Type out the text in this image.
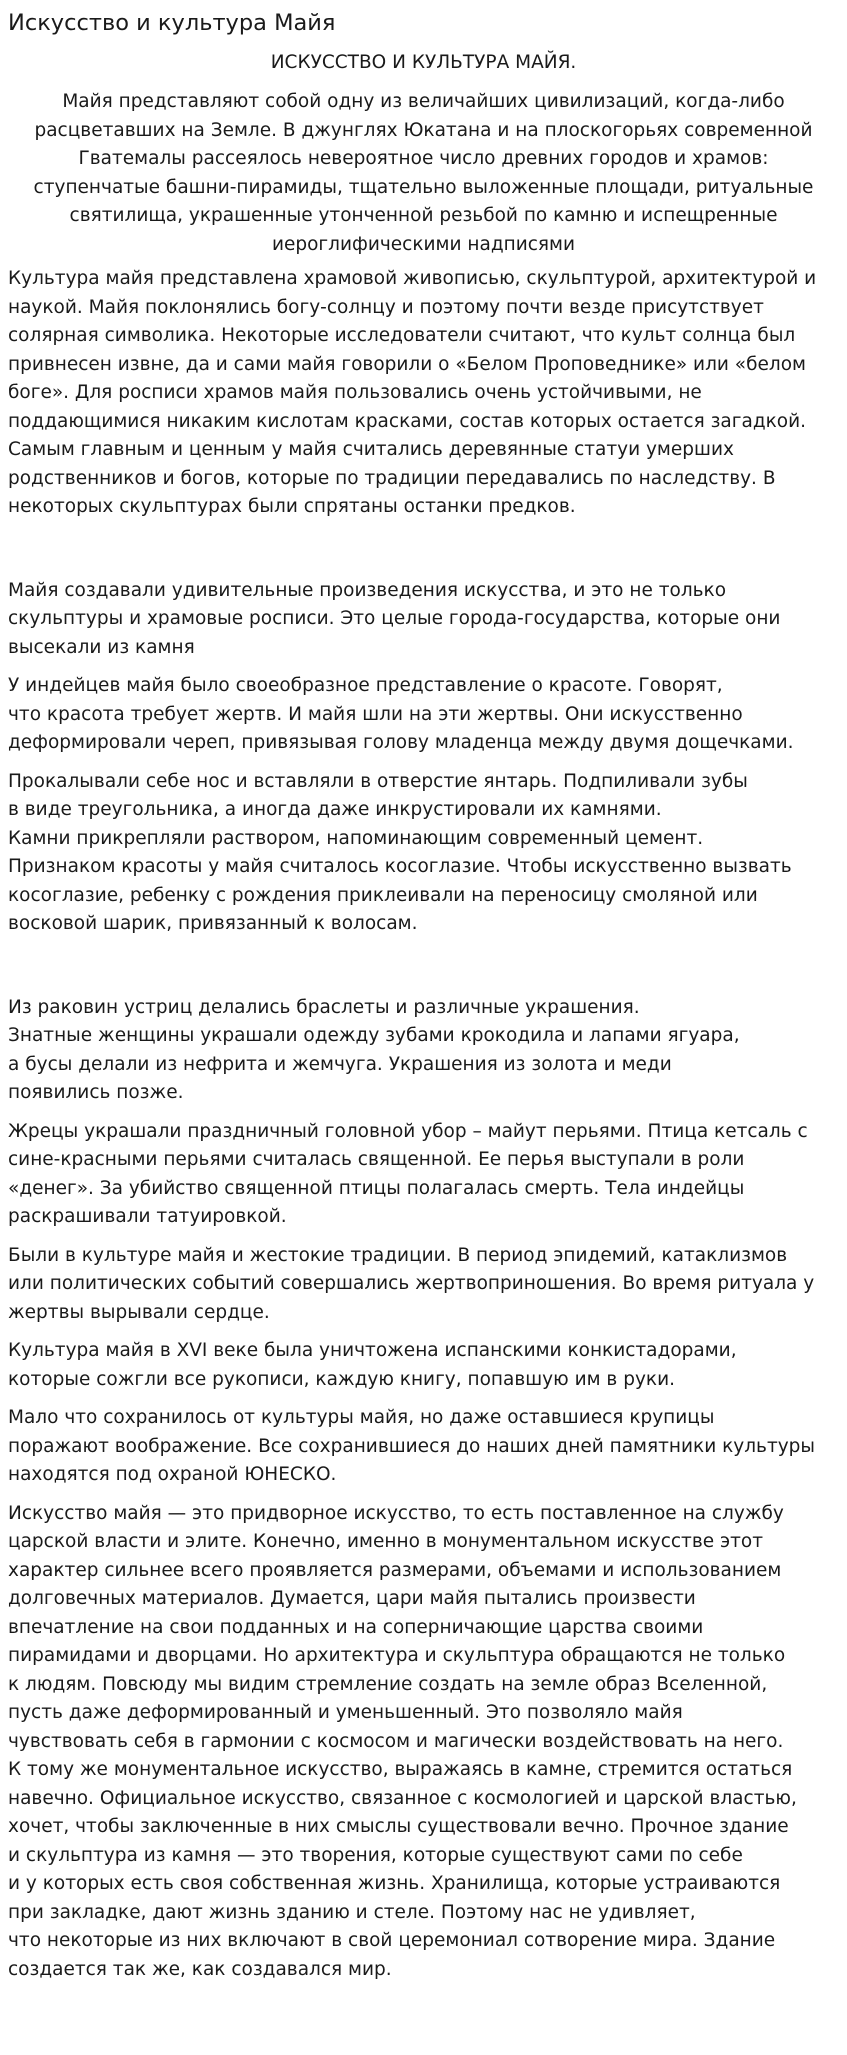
Искусство и культура Майя
ИСКУССТВО И КУЛЬТУРА МАЙЯ.
Майя представляют собой одну из величайших цивилизаций, когда-либо
расцветавших на Земле. В джунглях Юкатана и на плоскогорьях современной
Гватемалы рассеялось невероятное число древних городов и храмов:
ступенчатые башни-пирамиды, тщательно выложенные площади, ритуальные
святилища, украшенные утонченной резьбой по камню и испещренные
иероглифическими надписями
Культура майя представлена храмовой живописью, скульптурой, архитектурой и
наукой. Майя поклонялись богу-солнцу и поэтому почти везде присутствует
солярная символика. Некоторые исследователи считают, что культ солнца был
привнесен извне, да и сами майя говорили о «Белом Проповеднике» или «белом
боге». Для росписи храмов майя пользовались очень устойчивыми, не
поддающимися никаким кислотам красками, состав которых остается загадкой.
Самым главным и ценным у майя считались деревянные статуи умерших
родственников и богов, которые по традиции передавались по наследству. В
некоторых скульптурах были спрятаны останки предков.
Майя создавали удивительные произведения искусства, и это не только
скульптуры и храмовые росписи. Это целые города-государства, которые они
высекали из камня
У индейцев майя было своеобразное представление о красоте. Говорят,
что красота требует жертв. И майя шли на эти жертвы. Они искусственно
деформировали череп, привязывая голову младенца между двумя дощечками.
Прокалывали себе нос и вставляли в отверстие янтарь. Подпиливали зубы
в виде треугольника, а иногда даже инкрустировали их камнями.
Камни прикрепляли раствором, напоминающим современный цемент.
Признаком красоты у майя считалось косоглазие. Чтобы искусственно вызвать
косоглазие, ребенку с рождения приклеивали на переносицу смоляной или
восковой шарик, привязанный к волосам.
Из раковин устриц делались браслеты и различные украшения.
Знатные женщины украшали одежду зубами крокодила и лапами ягуара,
а бусы делали из нефрита и жемчуга. Украшения из золота и меди
появились позже.
Жрецы украшали праздничный головной убор – майут перьями. Птица кетсаль с
сине-красными перьями считалась священной. Ее перья выступали в роли
«денег». За убийство священной птицы полагалась смерть. Тела индейцы
раскрашивали татуировкой.
Были в культуре майя и жестокие традиции. В период эпидемий, катаклизмов
или политических событий совершались жертвоприношения. Во время ритуала у
жертвы вырывали сердце.
Культура майя в XVI веке была уничтожена испанскими конкистадорами,
которые сожгли все рукописи, каждую книгу, попавшую им в руки.
Мало что сохранилось от культуры майя, но даже оставшиеся крупицы
поражают воображение. Все сохранившиеся до наших дней памятники культуры
находятся под охраной ЮНЕСКО.
Искусство майя — это придворное искусство, то есть поставленное на службу
царской власти и элите. Конечно, именно в монументальном искусстве этот
характер сильнее всего проявляется размерами, объемами и использованием
долговечных материалов. Думается, цари майя пытались произвести
впечатление на свои подданных и на соперничающие царства своими
пирамидами и дворцами. Но архитектура и скульптура обращаются не только
к людям. Повсюду мы видим стремление создать на земле образ Вселенной,
пусть даже деформированный и уменьшенный. Это позволяло майя
чувствовать себя в гармонии с космосом и магически воздействовать на него.
К тому же монументальное искусство, выражаясь в камне, стремится остаться
навечно. Официальное искусство, связанное с космологией и царской властью,
хочет, чтобы заключенные в них смыслы существовали вечно. Прочное здание
и скульптура из камня — это творения, которые существуют сами по себе
и у которых есть своя собственная жизнь. Хранилища, которые устраиваются
при закладке, дают жизнь зданию и стеле. Поэтому нас не удивляет,
что некоторые из них включают в свой церемониал сотворение мира. Здание
создается так же, как создавался мир.
